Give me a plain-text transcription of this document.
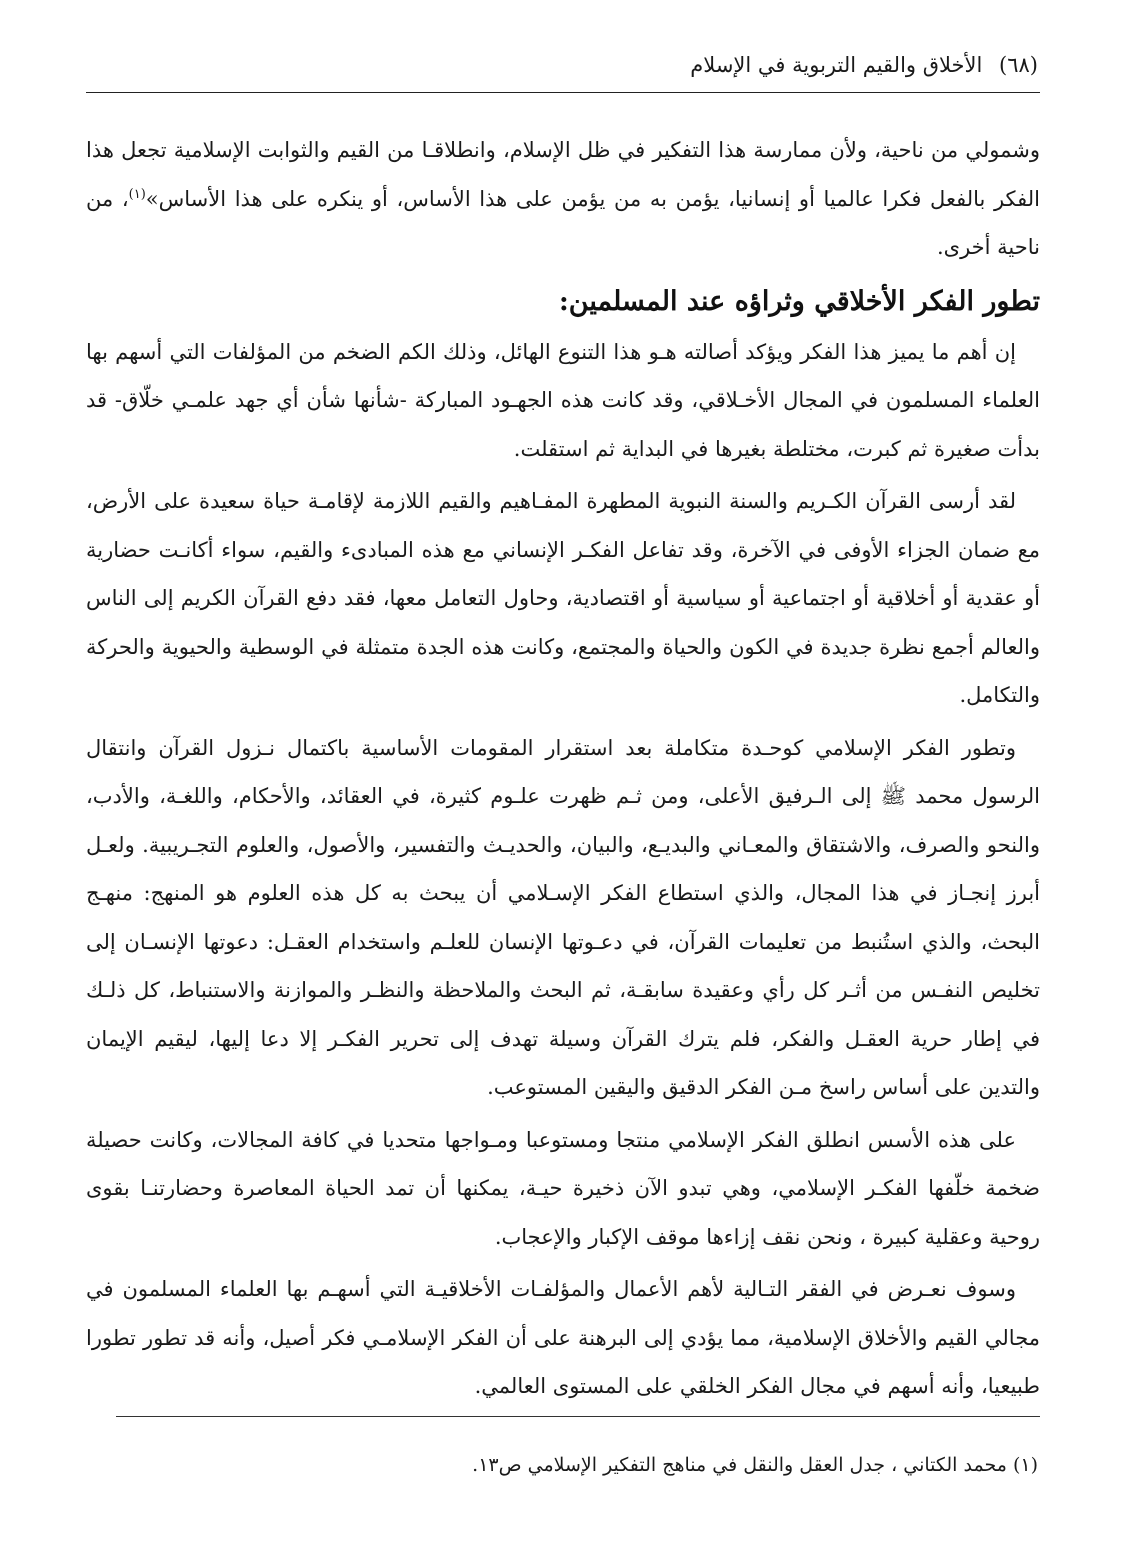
(٦٨) الأخلاق والقيم التربوية في الإسلام

وشمولي من ناحية، ولأن ممارسة هذا التفكير في ظل الإسلام، وانطلاقـا من القيم والثوابت الإسلامية تجعل هذا الفكر بالفعل فكرا عالميا أو إنسانيا، يؤمن به من يؤمن على هذا الأساس، أو ينكره على هذا الأساس»$^{(١)}$، من ناحية أخرى.

تطور الفكر الأخلاقي وثراؤه عند المسلمين:

إن أهم ما يميز هذا الفكر ويؤكد أصالته هـو هذا التنوع الهائل، وذلك الكم الضخم من المؤلفات التي أسهم بها العلماء المسلمون في المجال الأخـلاقي، وقد كانت هذه الجهـود المباركة -شأنها شأن أي جهد علمـي خلّاق- قد بدأت صغيرة ثم كبرت، مختلطة بغيرها في البداية ثم استقلت.

لقد أرسى القرآن الكـريم والسنة النبوية المطهرة المفـاهيم والقيم اللازمة لإقامـة حياة سعيدة على الأرض، مع ضمان الجزاء الأوفى في الآخرة، وقد تفاعل الفكـر الإنساني مع هذه المبادىء والقيم، سواء أكانـت حضارية أو عقدية أو أخلاقية أو اجتماعية أو سياسية أو اقتصادية، وحاول التعامل معها، فقد دفع القرآن الكريم إلى الناس والعالم أجمع نظرة جديدة في الكون والحياة والمجتمع، وكانت هذه الجدة متمثلة في الوسطية والحيوية والحركة والتكامل.

وتطور الفكر الإسلامي كوحـدة متكاملة بعد استقرار المقومات الأساسية باكتمال نـزول القرآن وانتقال الرسول محمد ﷺ إلى الـرفيق الأعلى، ومن ثـم ظهرت علـوم كثيرة، في العقائد، والأحكام، واللغـة، والأدب، والنحو والصرف، والاشتقاق والمعـاني والبديـع، والبيان، والحديـث والتفسير، والأصول، والعلوم التجـريبية. ولعـل أبرز إنجـاز في هذا المجال، والذي استطاع الفكر الإسـلامي أن يبحث به كل هذه العلوم هو المنهج: منهـج البحث، والذي استُنبط من تعليمات القرآن، في دعـوتها الإنسان للعلـم واستخدام العقـل: دعوتها الإنسـان إلى تخليص النفـس من أثـر كل رأي وعقيدة سابقـة، ثم البحث والملاحظة والنظـر والموازنة والاستنباط، كل ذلـك في إطار حرية العقـل والفكر، فلم يترك القرآن وسيلة تهدف إلى تحرير الفكـر إلا دعا إليها، ليقيم الإيمان والتدين على أساس راسخ مـن الفكر الدقيق واليقين المستوعب.

على هذه الأسس انطلق الفكر الإسلامي منتجا ومستوعبا ومـواجها متحديا في كافة المجالات، وكانت حصيلة ضخمة خلّفها الفكـر الإسلامي، وهي تبدو الآن ذخيرة حيـة، يمكنها أن تمد الحياة المعاصرة وحضارتنـا بقوى روحية وعقلية كبيرة ، ونحن نقف إزاءها موقف الإكبار والإعجاب.

وسوف نعـرض في الفقر التـالية لأهم الأعمال والمؤلفـات الأخلاقيـة التي أسهـم بها العلماء المسلمون في مجالي القيم والأخلاق الإسلامية، مما يؤدي إلى البرهنة على أن الفكر الإسلامـي فكر أصيل، وأنه قد تطور تطورا طبيعيا، وأنه أسهم في مجال الفكر الخلقي على المستوى العالمي.

(١) محمد الكتاني ، جدل العقل والنقل في مناهج التفكير الإسلامي ص١٣.
